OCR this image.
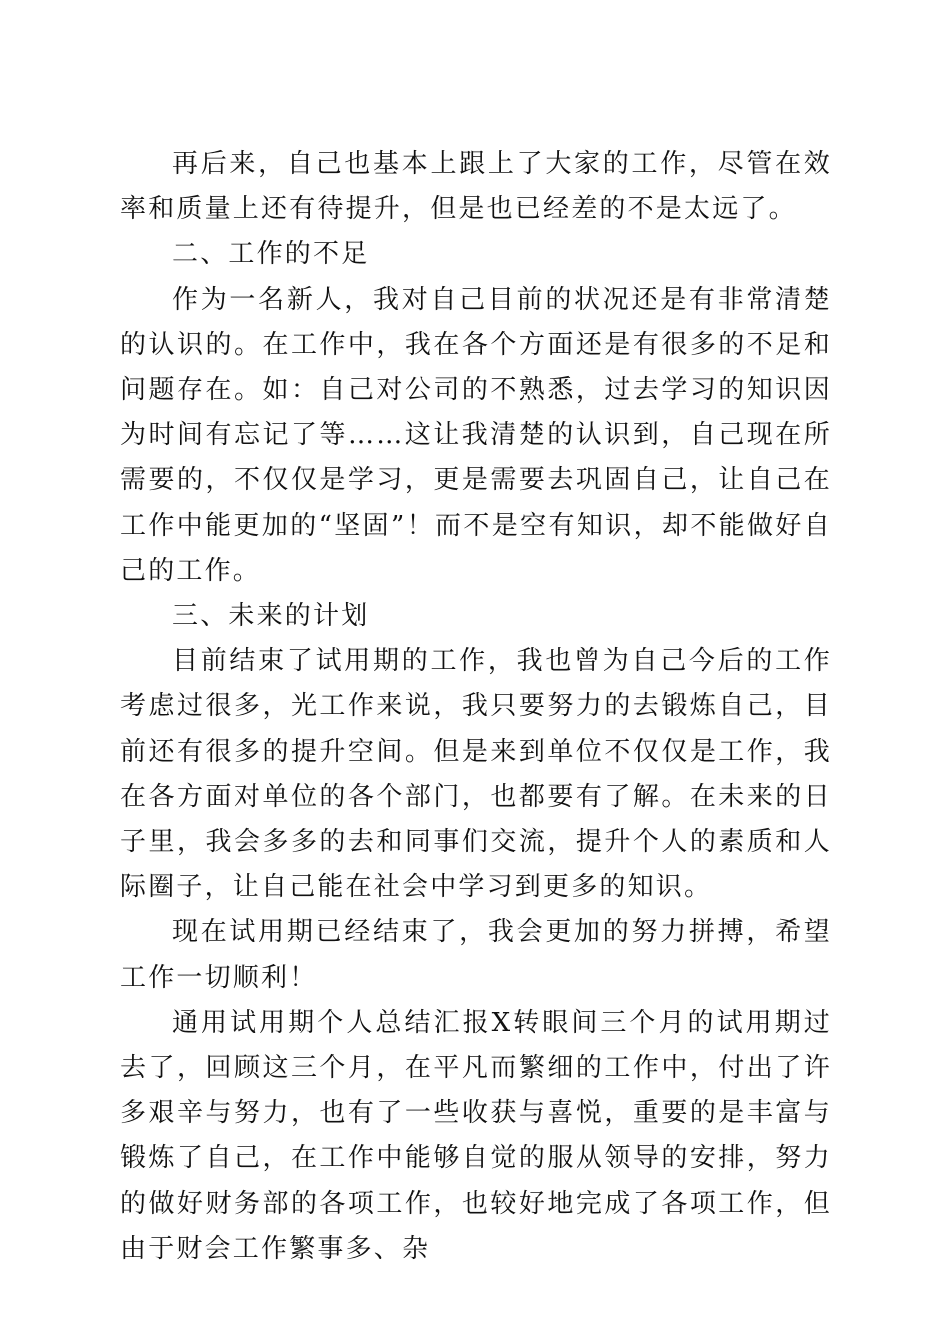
再后来，自己也基本上跟上了大家的工作，尽管在效率和质量上还有待提升，但是也已经差的不是太远了。

二、工作的不足

作为一名新人，我对自己目前的状况还是有非常清楚的认识的。在工作中，我在各个方面还是有很多的不足和问题存在。如：自己对公司的不熟悉，过去学习的知识因为时间有忘记了等……这让我清楚的认识到，自己现在所需要的，不仅仅是学习，更是需要去巩固自己，让自己在工作中能更加的“坚固”！而不是空有知识，却不能做好自己的工作。

三、未来的计划

目前结束了试用期的工作，我也曾为自己今后的工作考虑过很多，光工作来说，我只要努力的去锻炼自己，目前还有很多的提升空间。但是来到单位不仅仅是工作，我在各方面对单位的各个部门，也都要有了解。在未来的日子里，我会多多的去和同事们交流，提升个人的素质和人际圈子，让自己能在社会中学习到更多的知识。

现在试用期已经结束了，我会更加的努力拼搏，希望工作一切顺利！

通用试用期个人总结汇报X转眼间三个月的试用期过去了，回顾这三个月，在平凡而繁细的工作中，付出了许多艰辛与努力，也有了一些收获与喜悦，重要的是丰富与锻炼了自己，在工作中能够自觉的服从领导的安排，努力的做好财务部的各项工作，也较好地完成了各项工作，但由于财会工作繁事多、杂
